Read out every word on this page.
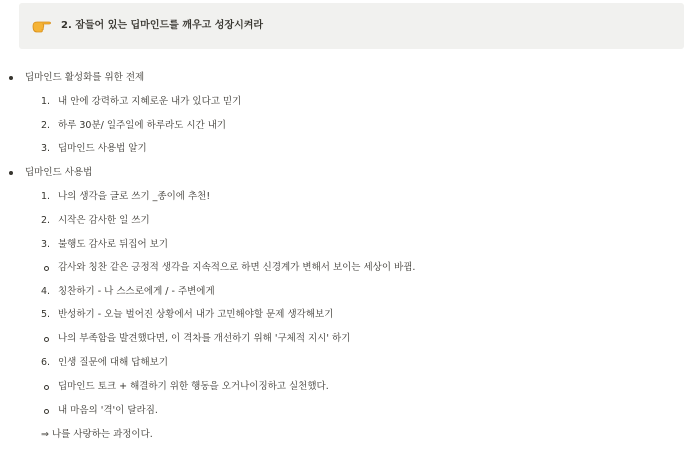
2. 잠들어 있는 딥마인드를 깨우고 성장시켜라
딥마인드 활성화를 위한 전제
1. 내 안에 강력하고 지혜로운 내가 있다고 믿기
2. 하루 30분/ 일주일에 하루라도 시간 내기
3. 딥마인드 사용법 알기
딥마인드 사용법
1. 나의 생각을 글로 쓰기 _종이에 추천!
2. 시작은 감사한 일 쓰기
3. 불행도 감사로 뒤집어 보기
감사와 칭찬 같은 긍정적 생각을 지속적으로 하면 신경계가 변해서 보이는 세상이 바뀜.
4. 칭찬하기 - 나 스스로에게 / - 주변에게
5. 반성하기 - 오늘 벌어진 상황에서 내가 고민해야할 문제 생각해보기
나의 부족함을 발견했다면, 이 격차를 개선하기 위해 '구체적 지시' 하기
6. 인생 질문에 대해 답해보기
딥마인드 토크 + 해결하기 위한 행동을 오거나이징하고 실천했다.
내 마음의 '격'이 달라짐.
⇒ 나를 사랑하는 과정이다.
